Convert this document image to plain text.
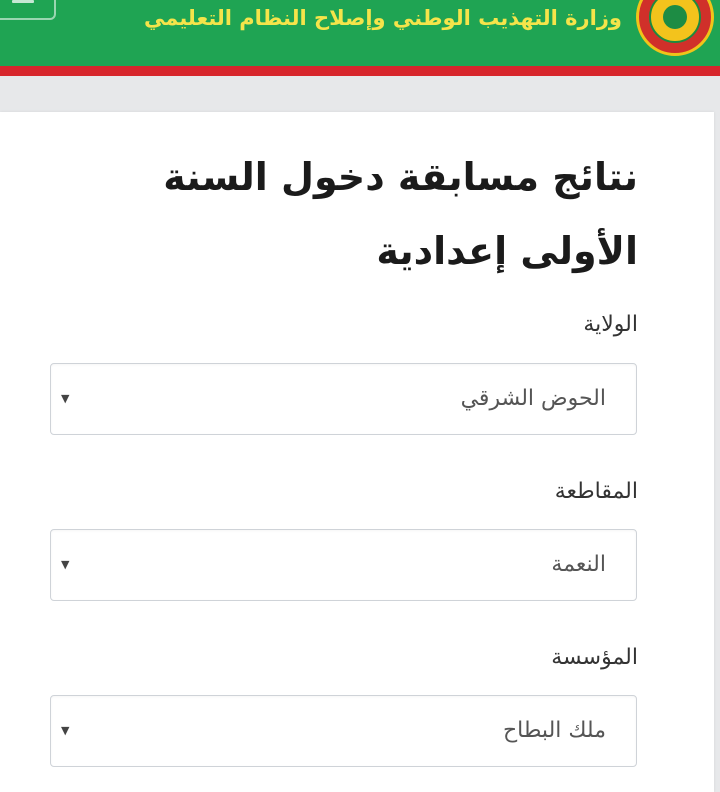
وزارة التهذيب الوطني وإصلاح النظام التعليمي
نتائج مسابقة دخول السنة الأولى إعدادية
الولاية
الحوض الشرقي
▼
المقاطعة
النعمة
▼
المؤسسة
ملك البطاح
▼
